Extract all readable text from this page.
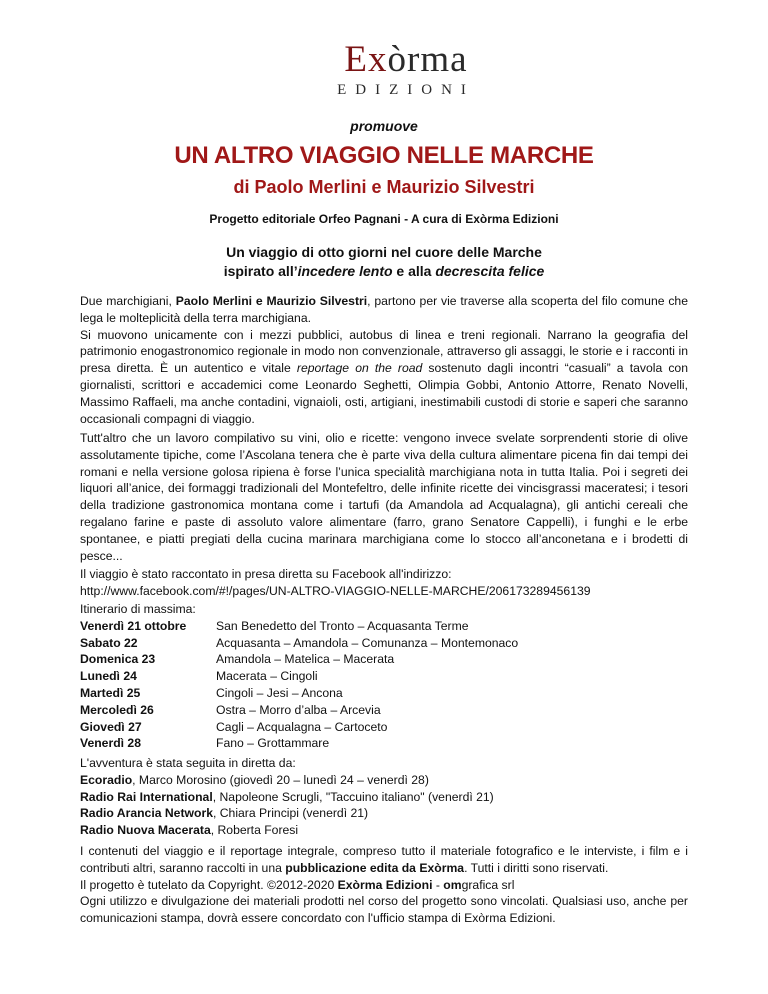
Exòrma
EDIZIONI
promuove
UN ALTRO VIAGGIO NELLE MARCHE
di Paolo Merlini e Maurizio Silvestri
Progetto editoriale Orfeo Pagnani - A cura di Exòrma Edizioni
Un viaggio di otto giorni nel cuore delle Marche
ispirato all’incedere lento e alla decrescita felice
Due marchigiani, Paolo Merlini e Maurizio Silvestri, partono per vie traverse alla scoperta del filo comune che lega le molteplicità della terra marchigiana.
Si muovono unicamente con i mezzi pubblici, autobus di linea e treni regionali. Narrano la geografia del patrimonio enogastronomico regionale in modo non convenzionale, attraverso gli assaggi, le storie e i racconti in presa diretta. È un autentico e vitale reportage on the road sostenuto dagli incontri “casuali” a tavola con giornalisti, scrittori e accademici come Leonardo Seghetti, Olimpia Gobbi, Antonio Attorre, Renato Novelli, Massimo Raffaeli, ma anche contadini, vignaioli, osti, artigiani, inestimabili custodi di storie e saperi che saranno occasionali compagni di viaggio.
Tutt'altro che un lavoro compilativo su vini, olio e ricette: vengono invece svelate sorprendenti storie di olive assolutamente tipiche, come l’Ascolana tenera che è parte viva della cultura alimentare picena fin dai tempi dei romani e nella versione golosa ripiena è forse l’unica specialità marchigiana nota in tutta Italia. Poi i segreti dei liquori all’anice, dei formaggi tradizionali del Montefeltro, delle infinite ricette dei vincisgrassi maceratesi; i tesori della tradizione gastronomica montana come i tartufi (da Amandola ad Acqualagna), gli antichi cereali che regalano farine e paste di assoluto valore alimentare (farro, grano Senatore Cappelli), i funghi e le erbe spontanee, e piatti pregiati della cucina marinara marchigiana come lo stocco all’anconetana e i brodetti di pesce...
Il viaggio è stato raccontato in presa diretta su Facebook all'indirizzo:
http://www.facebook.com/#!/pages/UN-ALTRO-VIAGGIO-NELLE-MARCHE/206173289456139
Itinerario di massima:
Venerdì 21 ottobre	San Benedetto del Tronto – Acquasanta Terme
Sabato 22	Acquasanta – Amandola – Comunanza – Montemonaco
Domenica 23	Amandola – Matelica – Macerata
Lunedì 24	Macerata – Cingoli
Martedì 25	Cingoli – Jesi – Ancona
Mercoledì 26	Ostra – Morro d’alba – Arcevia
Giovedì 27	Cagli – Acqualagna – Cartoceto
Venerdì 28	Fano – Grottammare
L'avventura è stata seguita in diretta da:
Ecoradio, Marco Morosino (giovedì 20 – lunedì 24 – venerdì 28)
Radio Rai International, Napoleone Scrugli, "Taccuino italiano" (venerdì 21)
Radio Arancia Network, Chiara Principi (venerdì 21)
Radio Nuova Macerata, Roberta Foresi
I contenuti del viaggio e il reportage integrale, compreso tutto il materiale fotografico e le interviste, i film e i contributi altri, saranno raccolti in una pubblicazione edita da Exòrma. Tutti i diritti sono riservati.
Il progetto è tutelato da Copyright. ©2012-2020 Exòrma Edizioni - omgrafica srl
Ogni utilizzo e divulgazione dei materiali prodotti nel corso del progetto sono vincolati. Qualsiasi uso, anche per comunicazioni stampa, dovrà essere concordato con l'ufficio stampa di Exòrma Edizioni.
